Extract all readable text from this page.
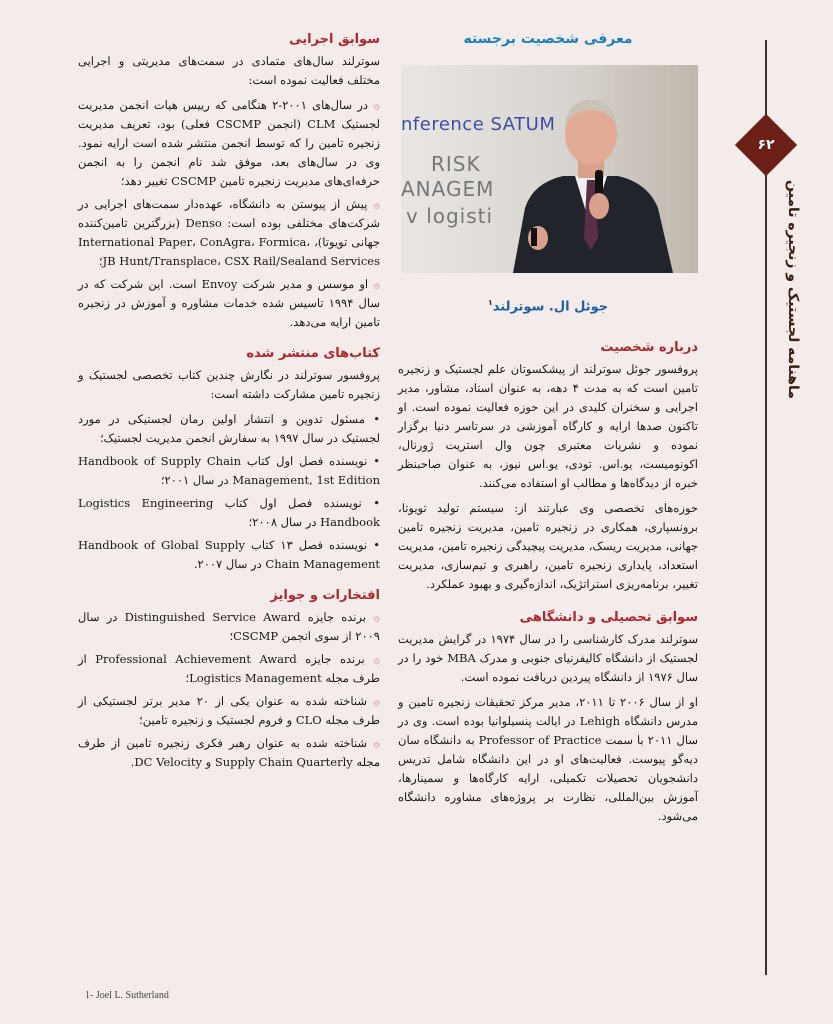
۶۲
ماهنامه لجستیک و زنجیره تامین
معرفی شخصیت برجسته
nference SATUM
RISK
ANAGEM
v logisti
جوئل ال. سوترلند$^۱$
درباره شخصیت

پروفسور جوئل سوترلند از پیشکسوتان علم لجستیک و زنجیره تامین است که به مدت ۴ دهه، به عنوان استاد، مشاور، مدیر اجرایی و سخنران کلیدی در این حوزه فعالیت نموده است. او تاکنون صدها ارایه و کارگاه آموزشی در سرتاسر دنیا برگزار نموده و نشریات معتبری چون وال استریت ژورنال، اکونومیست، یو.اس. تودی، یو.اس نیوز، به عنوان صاحبنظر خبره از دیدگاه‌ها و مطالب او استفاده می‌کنند.

حوزه‌های تخصصی وی عبارتند از: سیستم تولید تویوتا، برونسپاری، همکاری در زنجیره تامین، مدیریت زنجیره تامین جهانی، مدیریت ریسک، مدیریت پیچیدگی زنجیره تامین، مدیریت استعداد، پایداری زنجیره تامین، راهبری و تیم‌سازی، مدیریت تغییر، برنامه‌ریزی استراتژیک، اندازه‌گیری و بهبود عملکرد.

سوابق تحصیلی و دانشگاهی

سوترلند مدرک کارشناسی را در سال ۱۹۷۴ در گرایش مدیریت لجستیک از دانشگاه کالیفرنیای جنوبی و مدرک MBA خود را در سال ۱۹۷۶ از دانشگاه پیردین دریافت نموده است.

او از سال ۲۰۰۶ تا ۲۰۱۱، مدیر مرکز تحقیقات زنجیره تامین و مدرس دانشگاه Lehigh در ایالت پنسیلوانیا بوده است. وی در سال ۲۰۱۱ با سمت Professor of Practice به دانشگاه سان دیه‌گو پیوست. فعالیت‌های او در این دانشگاه شامل تدریس دانشجویان تحصیلات تکمیلی، ارایه کارگاه‌ها و سمینارها، آموزش بین‌المللی، نظارت بر پروژه‌های مشاوره دانشگاه می‌شود.

سوابق اجرایی

سوترلند سال‌های متمادی در سمت‌های مدیریتی و اجرایی مختلف فعالیت نموده است:

۞ در سال‌های ۲۰۰۱-۲ هنگامی که رییس هیات انجمن مدیریت لجستیک CLM (انجمن CSCMP فعلی) بود، تعریف مدیریت زنجیره تامین را که توسط انجمن منتشر شده است ارایه نمود. وی در سال‌های بعد، موفق شد نام انجمن را به انجمن حرفه‌ای‌های مدیریت زنجیره تامین CSCMP تغییر دهد؛

۞ پیش از پیوستن به دانشگاه، عهده‌دار سمت‌های اجرایی در شرکت‌های مختلفی بوده است: Denso (بزرگترین تامین‌کننده جهانی تویوتا)، International Paper، ConAgra، Formica، JB Hunt/Transplace، CSX Rail/Sealand Services؛

۞ او موسس و مدیر شرکت Envoy است. این شرکت که در سال ۱۹۹۴ تاسیس شده خدمات مشاوره و آموزش در زنجیره تامین ارایه می‌دهد.

کتاب‌های منتشر شده

پروفسور سوترلند در نگارش چندین کتاب تخصصی لجستیک و زنجیره تامین مشارکت داشته است:

• مسئول تدوین و انتشار اولین رمان لجستیکی در مورد لجستیک در سال ۱۹۹۷ به سفارش انجمن مدیریت لجستیک؛

• نویسنده فصل اول کتاب Handbook of Supply Chain Management, 1st Edition در سال ۲۰۰۱؛

• نویسنده فصل اول کتاب Logistics Engineering Handbook در سال ۲۰۰۸؛

• نویسنده فصل ۱۳ کتاب Handbook of Global Supply Chain Management در سال ۲۰۰۷.

افتخارات و جوایز

۞ برنده جایزه Distinguished Service Award در سال ۲۰۰۹ از سوی انجمن CSCMP؛

۞ برنده جایزه Professional Achievement Award از طرف مجله Logistics Management؛

۞ شناخته شده به عنوان یکی از ۲۰ مدیر برتر لجستیکی از طرف مجله CLO و فروم لجستیک و زنجیره تامین؛

۞ شناخته شده به عنوان رهبر فکری زنجیره تامین از طرف مجله Supply Chain Quarterly و DC Velocity.

1- Joel L. Sutherland
